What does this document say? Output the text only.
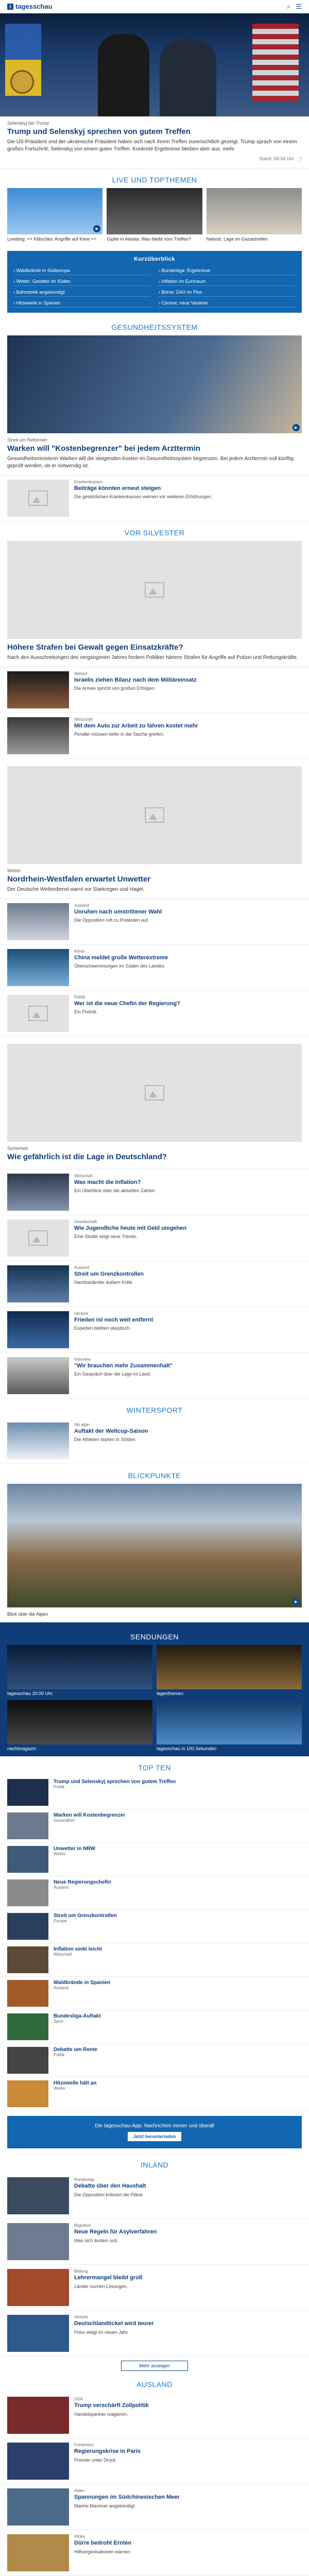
t tagesschau	⌕ ☰
Selenskyj bei Trump
Trump und Selenskyj sprechen von gutem Treffen
Die US-Präsident und der ukrainische Präsident haben sich nach ihrem Treffen zuversichtlich gezeigt. Trump sprach von einem großen Fortschritt, Selenskyj von einem guten Treffen. Konkrete Ergebnisse blieben aber aus. mehr
Stand: 08:34 Uhr ⤴
LIVE UND TOPTHEMEN
▶
Liveblog: ++ Klitschko: Angriffe auf Kiew ++	Gipfel in Alaska: Was bleibt vom Treffen?	Nahost: Lage im Gazastreifen
Kurzüberblick
› Waldbrände in Südeuropa	› Bundesliga: Ergebnisse
› Wetter: Gewitter im Süden	› Inflation im Euroraum
› Bahnstreik angekündigt	› Börse: DAX im Plus
› Hitzewelle in Spanien	› Corona: neue Variante
GESUNDHEITSSYSTEM
▶
Streit um Reformen
Warken will "Kostenbegrenzer" bei jedem Arzttermin
Gesundheitsministerin Warken will die steigenden Kosten im Gesundheitssystem begrenzen. Bei jedem Arzttermin soll künftig geprüft werden, ob er notwendig ist.
Krankenkassen
Beiträge könnten erneut steigen
Die gesetzlichen Krankenkassen warnen vor weiteren Erhöhungen.
VOR SILVESTER
Höhere Strafen bei Gewalt gegen Einsatzkräfte?
Nach den Ausschreitungen des vergangenen Jahres fordern Politiker härtere Strafen für Angriffe auf Polizei und Rettungskräfte.
Nahost
Israelis ziehen Bilanz nach dem Militäreinsatz
Die Armee spricht von großen Erfolgen.
Wirtschaft
Mit dem Auto zur Arbeit zu fahren kostet mehr
Pendler müssen tiefer in die Tasche greifen.
Wetter
Nordrhein-Westfalen erwartet Unwetter
Der Deutsche Wetterdienst warnt vor Starkregen und Hagel.
Ausland
Unruhen nach umstrittener Wahl
Die Opposition ruft zu Protesten auf.
Klima
China meldet große Wetterextreme
Überschwemmungen im Süden des Landes.
Politik
Wer ist die neue Chefin der Regierung?
Ein Porträt.
Sicherheit
Wie gefährlich ist die Lage in Deutschland?
Wirtschaft
Was macht die Inflation?
Ein Überblick über die aktuellen Zahlen.
Gesellschaft
Wie Jugendliche heute mit Geld umgehen
Eine Studie zeigt neue Trends.
Ausland
Streit um Grenzkontrollen
Nachbarländer äußern Kritik.
Ukraine
Frieden ist noch weit entfernt
Experten bleiben skeptisch.
Interview
"Wir brauchen mehr Zusammenhalt"
Ein Gespräch über die Lage im Land.
WINTERSPORT
Ski alpin
Auftakt der Weltcup-Saison
Die Athleten starten in Sölden.
BLICKPUNKTE
▶
Blick über die Alpen
SENDUNGEN
tagesschau 20:00 Uhr	tagesthemen
nachtmagazin	tagesschau in 100 Sekunden
TOP TEN
Trump und Selenskyj sprechen von gutem Treffen
Politik
Warken will Kostenbegrenzer
Gesundheit
Unwetter in NRW
Wetter
Neue Regierungschefin
Ausland
Streit um Grenzkontrollen
Europa
Inflation sinkt leicht
Wirtschaft
Waldbrände in Spanien
Ausland
Bundesliga-Auftakt
Sport
Debatte um Rente
Politik
Hitzewelle hält an
Wetter
Die tagesschau-App: Nachrichten immer und überall
Jetzt herunterladen
INLAND
Bundestag
Debatte über den Haushalt
Die Opposition kritisiert die Pläne.
Migration
Neue Regeln für Asylverfahren
Was sich ändern soll.
Bildung
Lehrermangel bleibt groß
Länder suchen Lösungen.
Verkehr
Deutschlandticket wird teurer
Preis steigt im neuen Jahr.
Mehr anzeigen
AUSLAND
USA
Trump verschärft Zollpolitik
Handelspartner reagieren.
Frankreich
Regierungskrise in Paris
Premier unter Druck.
Asien
Spannungen im Südchinesischen Meer
Marine-Manöver angekündigt.
Afrika
Dürre bedroht Ernten
Hilfsorganisationen warnen.
